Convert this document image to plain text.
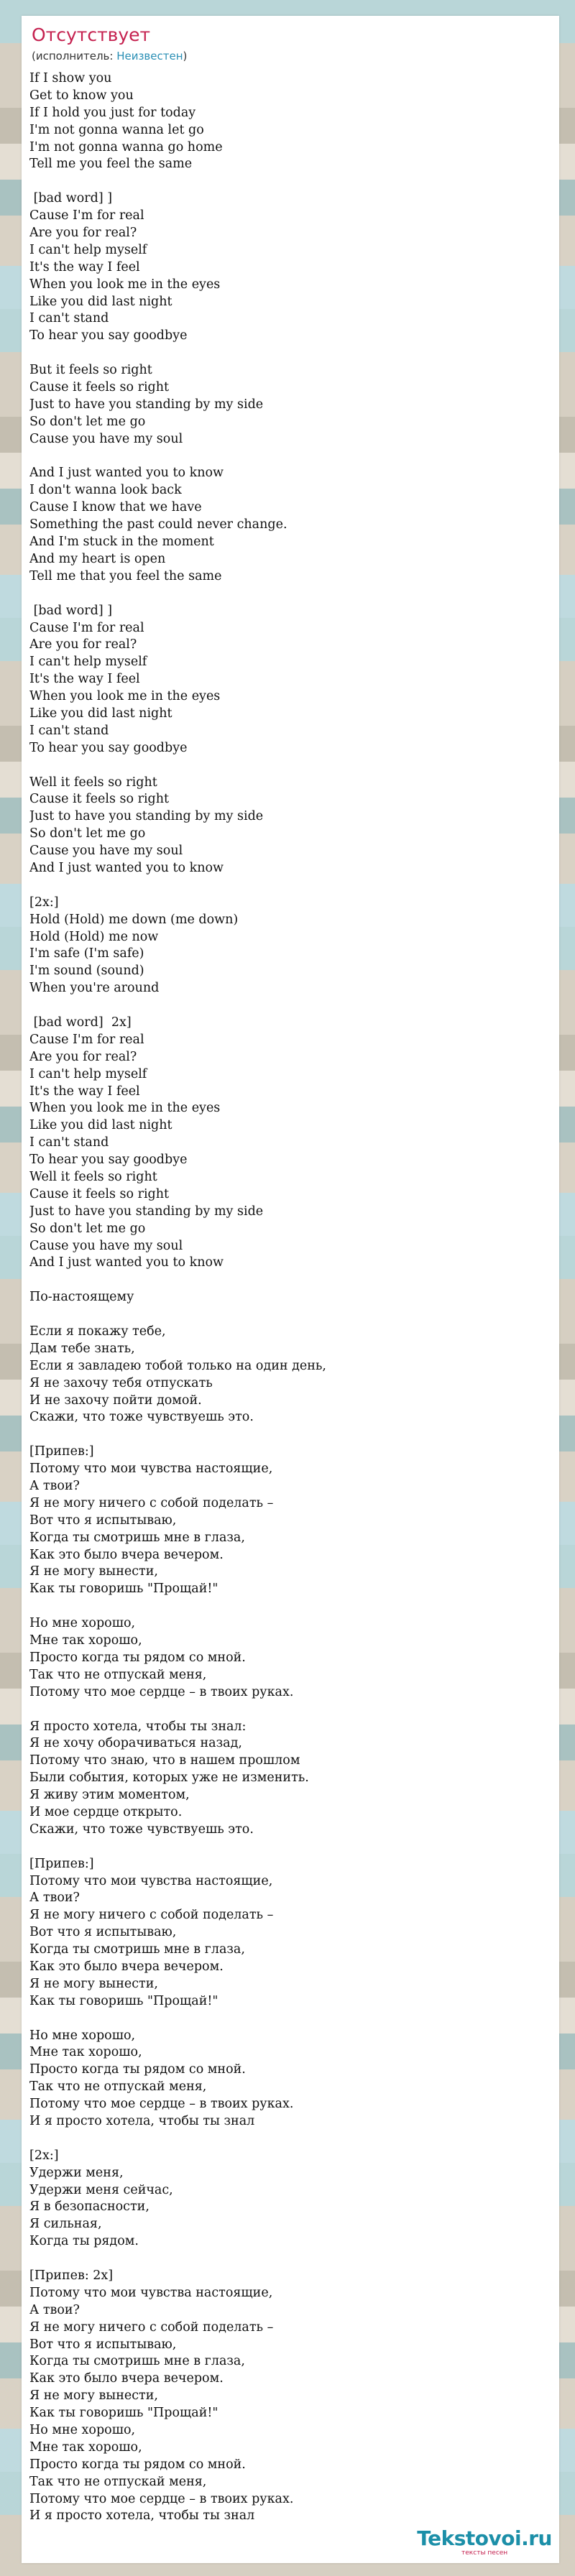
Отсутствует
(исполнитель: Неизвестен)
If I show you
Get to know you
If I hold you just for today
I'm not gonna wanna let go
I'm not gonna wanna go home
Tell me you feel the same
[bad word] ]
Cause I'm for real
Are you for real?
I can't help myself
It's the way I feel
When you look me in the eyes
Like you did last night
I can't stand
To hear you say goodbye
But it feels so right
Cause it feels so right
Just to have you standing by my side
So don't let me go
Cause you have my soul
And I just wanted you to know
I don't wanna look back
Cause I know that we have
Something the past could never change.
And I'm stuck in the moment
And my heart is open
Tell me that you feel the same
[bad word] ]
Cause I'm for real
Are you for real?
I can't help myself
It's the way I feel
When you look me in the eyes
Like you did last night
I can't stand
To hear you say goodbye
Well it feels so right
Cause it feels so right
Just to have you standing by my side
So don't let me go
Cause you have my soul
And I just wanted you to know
[2x:]
Hold (Hold) me down (me down)
Hold (Hold) me now
I'm safe (I'm safe)
I'm sound (sound)
When you're around
[bad word]  2x]
Cause I'm for real
Are you for real?
I can't help myself
It's the way I feel
When you look me in the eyes
Like you did last night
I can't stand
To hear you say goodbye
Well it feels so right
Cause it feels so right
Just to have you standing by my side
So don't let me go
Cause you have my soul
And I just wanted you to know
По-настоящему
Если я покажу тебе,
Дам тебе знать,
Если я завладею тобой только на один день,
Я не захочу тебя отпускать
И не захочу пойти домой.
Скажи, что тоже чувствуешь это.
[Припев:]
Потому что мои чувства настоящие,
А твои?
Я не могу ничего с собой поделать –
Вот что я испытываю,
Когда ты смотришь мне в глаза,
Как это было вчера вечером.
Я не могу вынести,
Как ты говоришь "Прощай!"
Но мне хорошо,
Мне так хорошо,
Просто когда ты рядом со мной.
Так что не отпускай меня,
Потому что мое сердце – в твоих руках.
Я просто хотела, чтобы ты знал:
Я не хочу оборачиваться назад,
Потому что знаю, что в нашем прошлом
Были события, которых уже не изменить.
Я живу этим моментом,
И мое сердце открыто.
Скажи, что тоже чувствуешь это.
[Припев:]
Потому что мои чувства настоящие,
А твои?
Я не могу ничего с собой поделать –
Вот что я испытываю,
Когда ты смотришь мне в глаза,
Как это было вчера вечером.
Я не могу вынести,
Как ты говоришь "Прощай!"
Но мне хорошо,
Мне так хорошо,
Просто когда ты рядом со мной.
Так что не отпускай меня,
Потому что мое сердце – в твоих руках.
И я просто хотела, чтобы ты знал
[2x:]
Удержи меня,
Удержи меня сейчас,
Я в безопасности,
Я сильная,
Когда ты рядом.
[Припев: 2x]
Потому что мои чувства настоящие,
А твои?
Я не могу ничего с собой поделать –
Вот что я испытываю,
Когда ты смотришь мне в глаза,
Как это было вчера вечером.
Я не могу вынести,
Как ты говоришь "Прощай!"
Но мне хорошо,
Мне так хорошо,
Просто когда ты рядом со мной.
Так что не отпускай меня,
Потому что мое сердце – в твоих руках.
И я просто хотела, чтобы ты знал
Tekstovoi.ru
тексты песен
